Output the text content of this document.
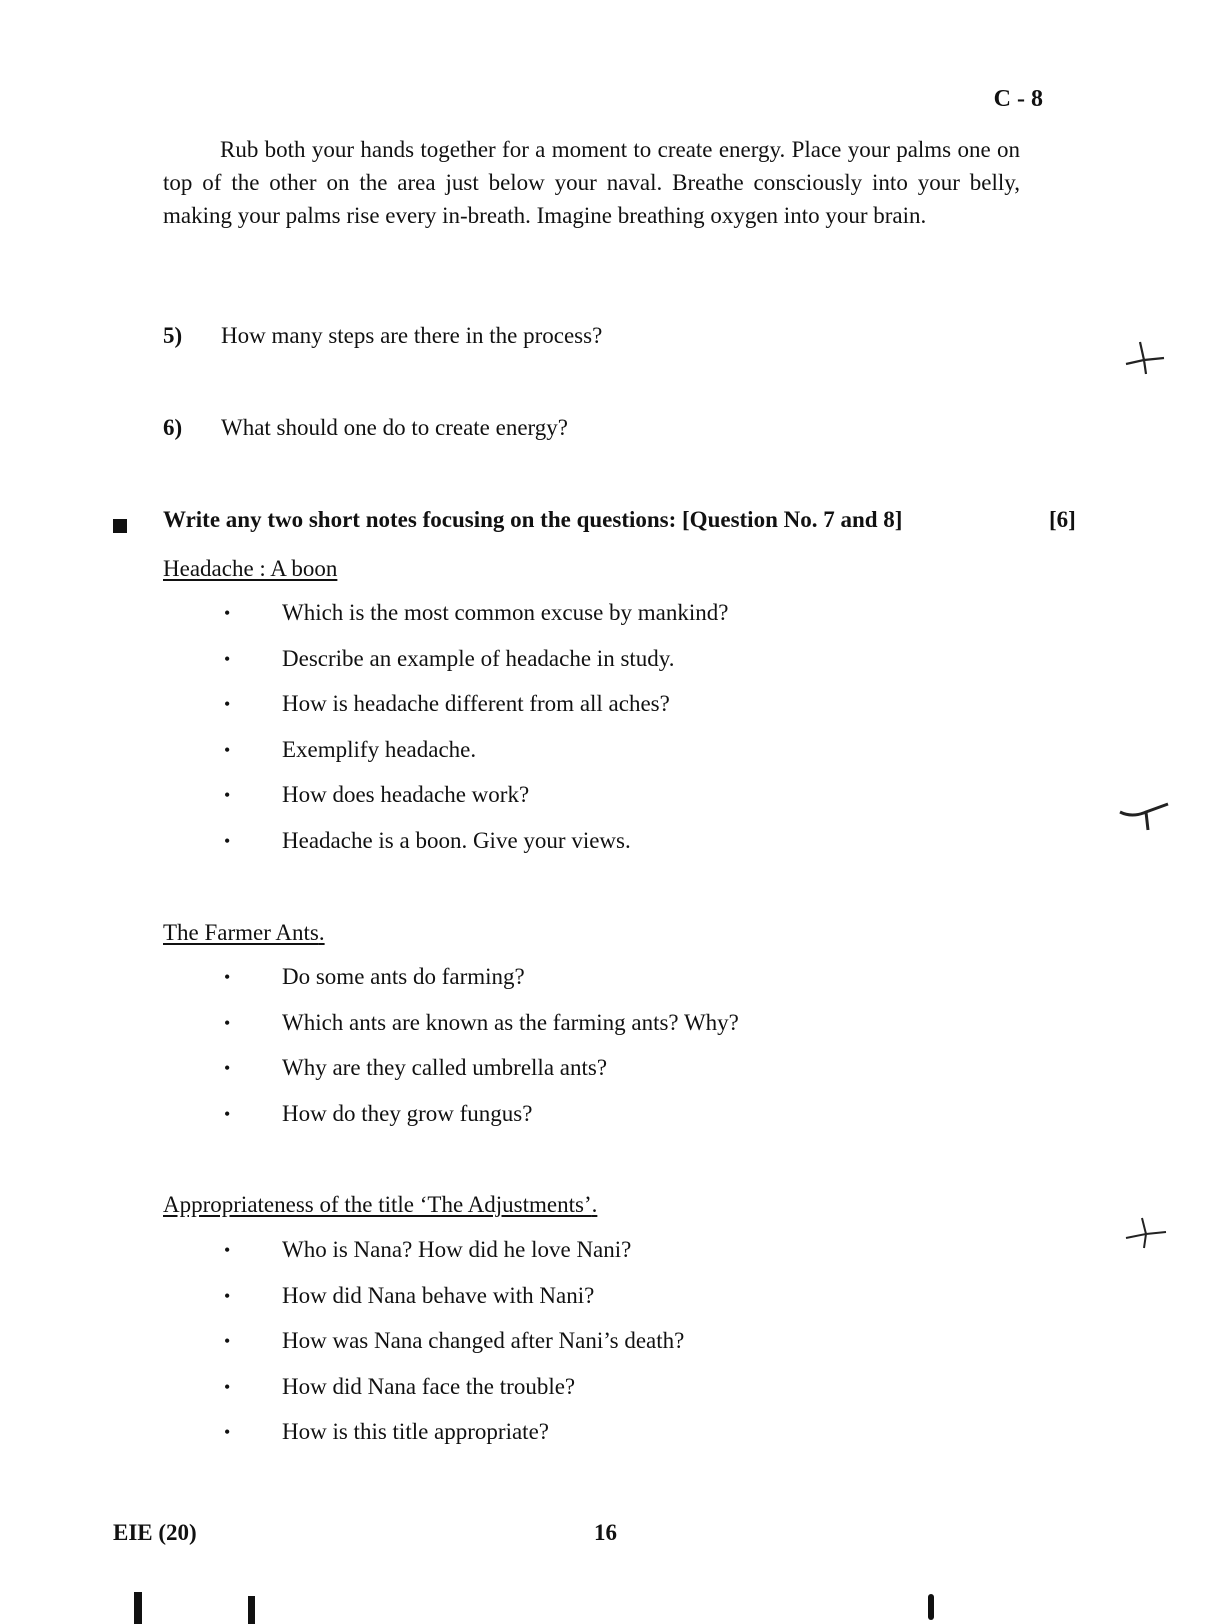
C - 8
Rub both your hands together for a moment to create energy. Place your palms one on top of the other on the area just below your naval. Breathe consciously into your belly, making your palms rise every in-breath. Imagine breathing oxygen into your brain.
5) How many steps are there in the process?
6) What should one do to create energy?
Write any two short notes focusing on the questions: [Question No. 7 and 8]	[6]
Headache : A boon
• Which is the most common excuse by mankind?
• Describe an example of headache in study.
• How is headache different from all aches?
• Exemplify headache.
• How does headache work?
• Headache is a boon. Give your views.
The Farmer Ants.
• Do some ants do farming?
• Which ants are known as the farming ants? Why?
• Why are they called umbrella ants?
• How do they grow fungus?
Appropriateness of the title ‘The Adjustments’.
• Who is Nana? How did he love Nani?
• How did Nana behave with Nani?
• How was Nana changed after Nani’s death?
• How did Nana face the trouble?
• How is this title appropriate?
EIE (20)	16
